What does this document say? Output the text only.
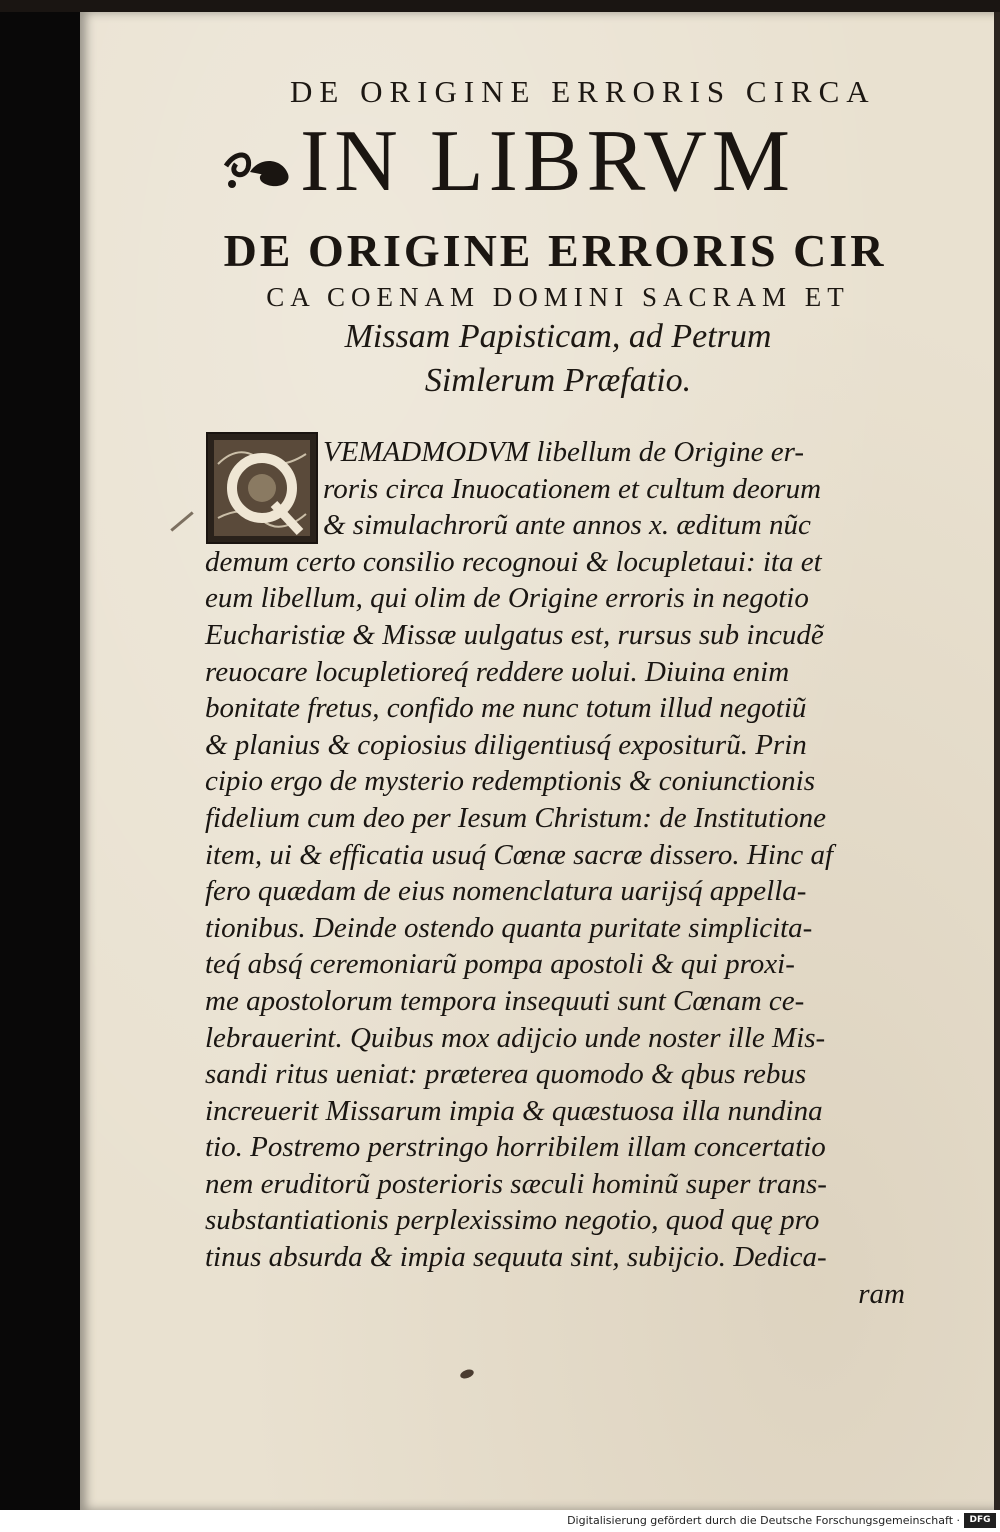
DE ORIGINE ERRORIS CIRCA
IN LIBRVM
DE ORIGINE ERRORIS CIR
CA COENAM DOMINI SACRAM ET
Missam Papisticam, ad Petrum
Simlerum Præfatio.
VEMADMODVM libellum de Origine er-
roris circa Inuocationem et cultum deorum
& simulachrorũ ante annos x. æditum nũc
demum certo consilio recognoui & locupletaui: ita et
eum libellum, qui olim de Origine erroris in negotio
Eucharistiæ & Missæ uulgatus est, rursus sub incudẽ
reuocare locupletioreq́ reddere uolui. Diuina enim
bonitate fretus, confido me nunc totum illud negotiũ
& planius & copiosius diligentiusq́ expositurũ. Prin
cipio ergo de mysterio redemptionis & coniunctionis
fidelium cum deo per Iesum Christum: de Institutione
item, ui & efficatia usuq́ Cœnæ sacræ dissero. Hinc af
fero quædam de eius nomenclatura uarijsq́ appella-
tionibus. Deinde ostendo quanta puritate simplicita-
teq́ absq́ ceremoniarũ pompa apostoli & qui proxi-
me apostolorum tempora insequuti sunt Cœnam ce-
lebrauerint. Quibus mox adijcio unde noster ille Mis-
sandi ritus ueniat: præterea quomodo & qbus rebus
increuerit Missarum impia & quæstuosa illa nundina
tio. Postremo perstringo horribilem illam concertatio
nem eruditorũ posterioris sæculi hominũ super trans-
substantiationis perplexissimo negotio, quod quę pro
tinus absurda & impia sequuta sint, subijcio. Dedica-
ram
Digitalisierung gefördert durch die Deutsche Forschungsgemeinschaft ·	DFG
